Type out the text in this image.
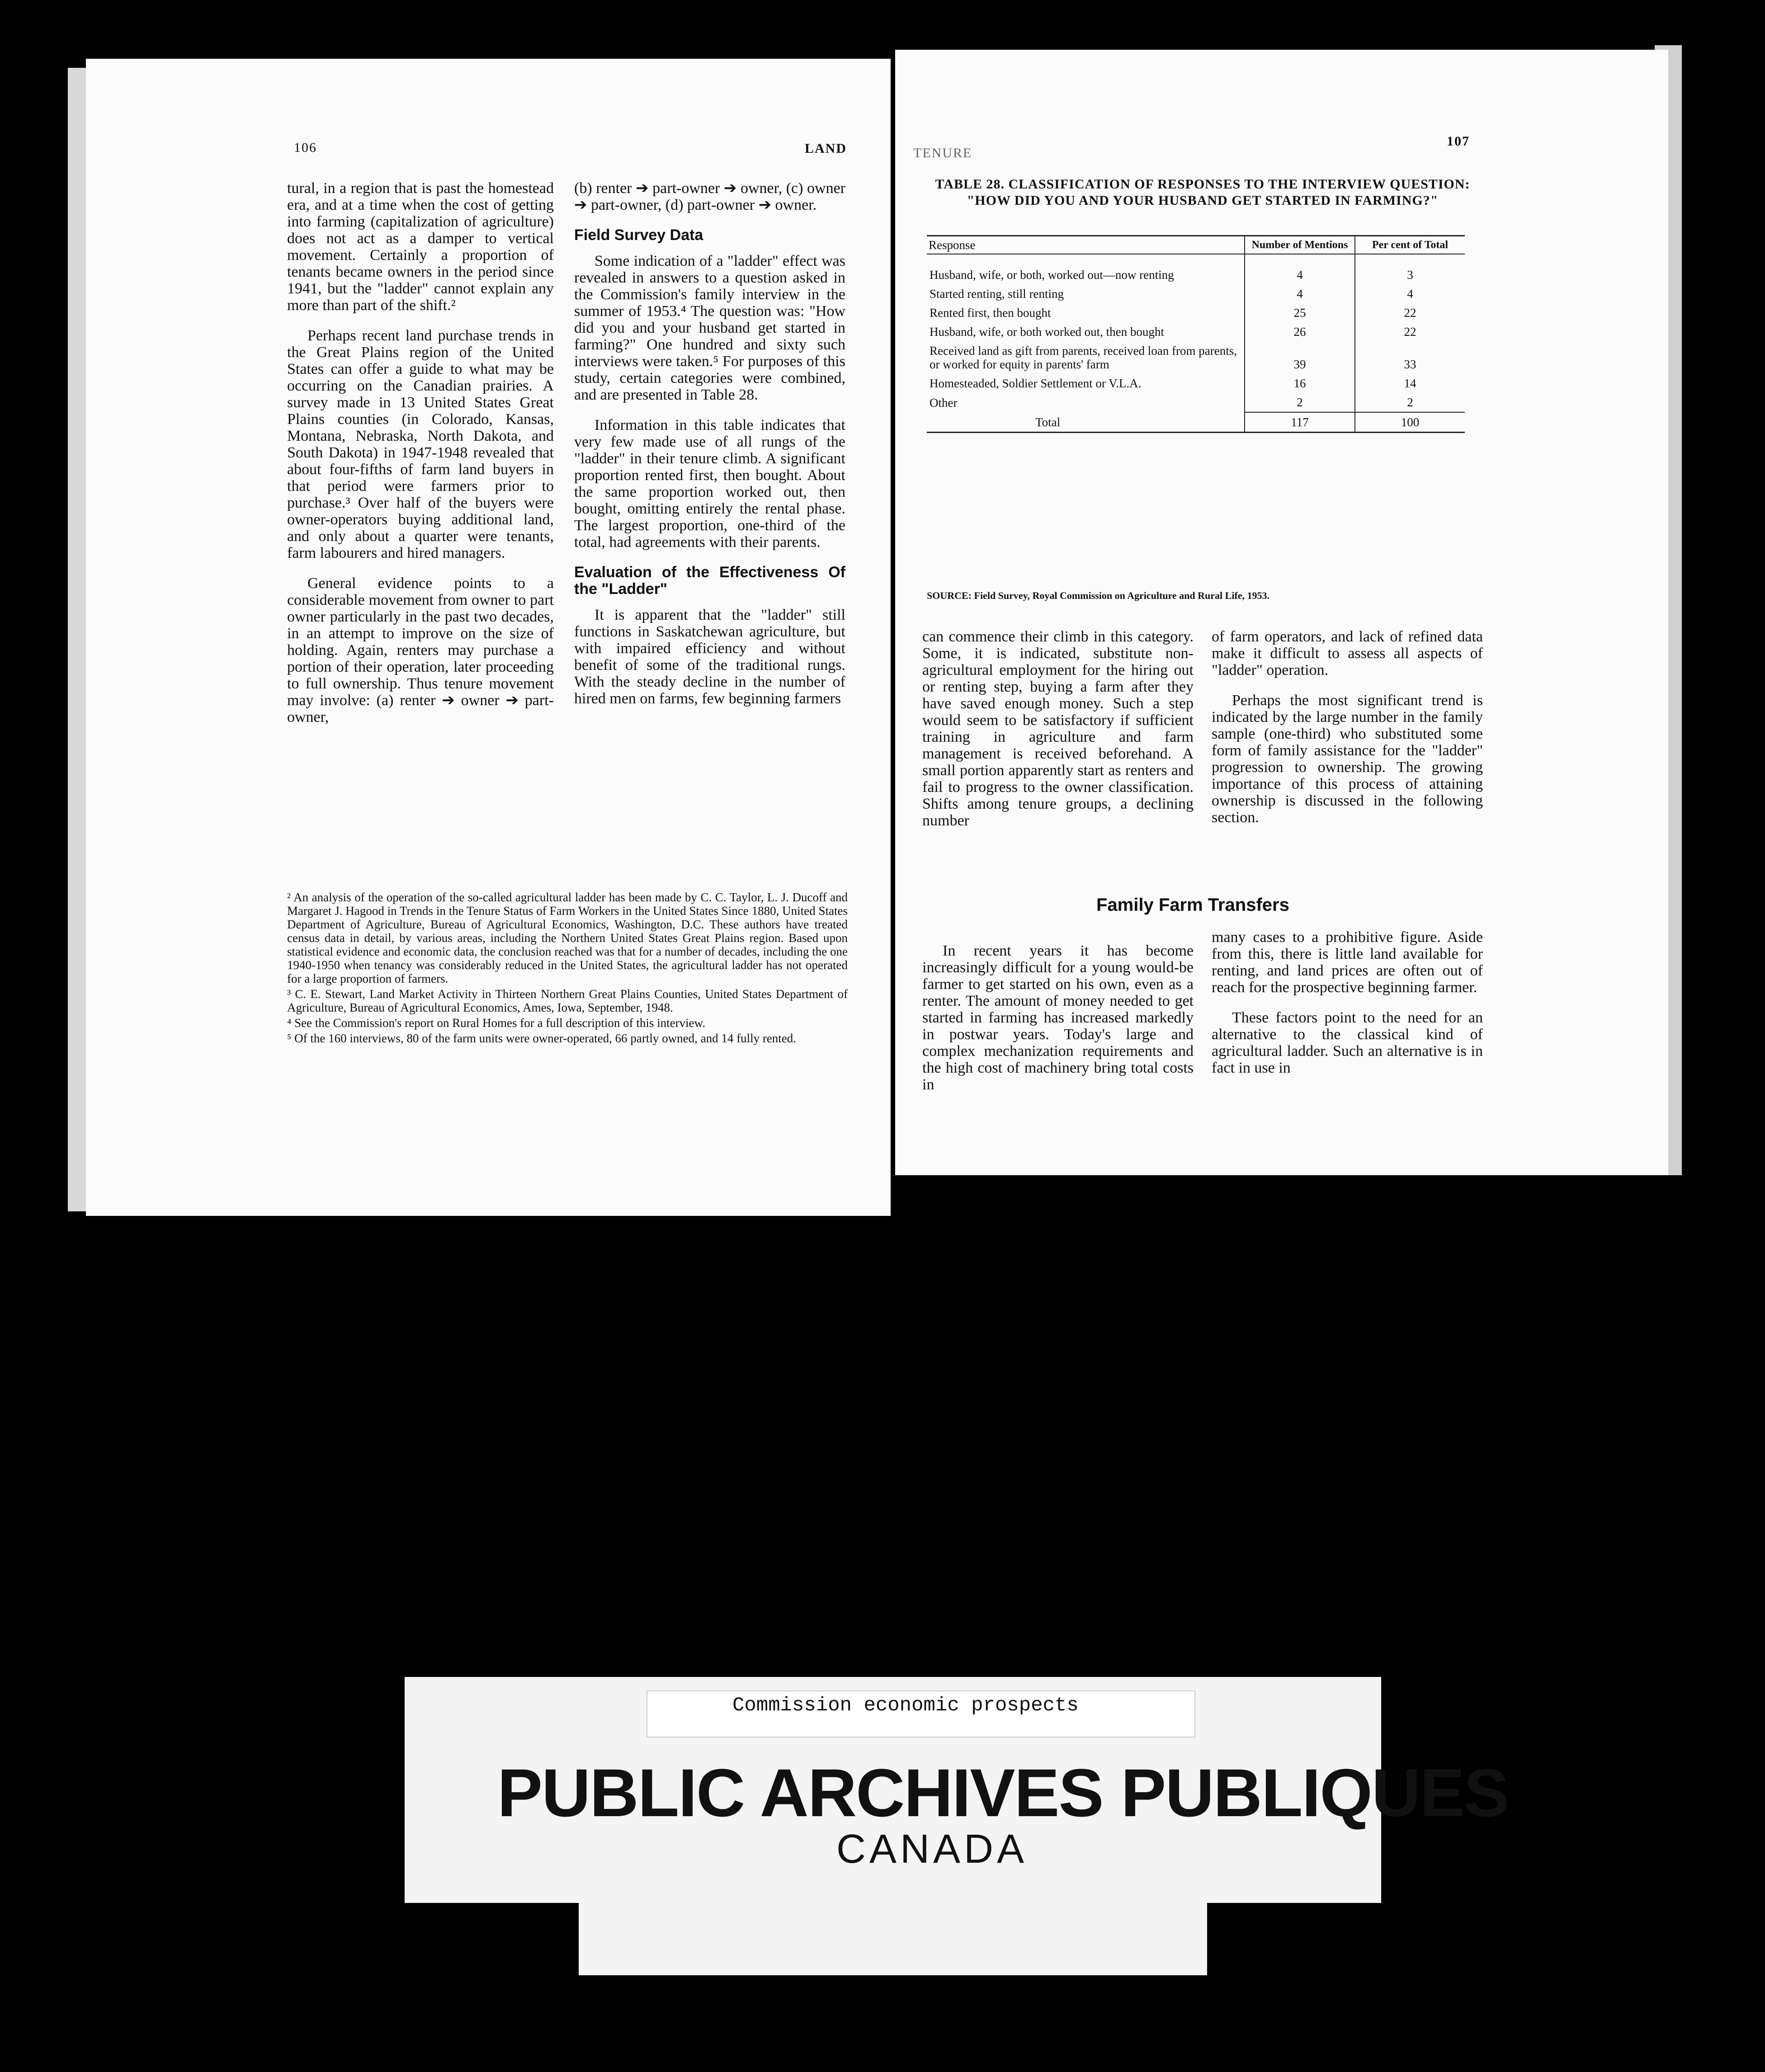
106	LAND

tural, in a region that is past the homestead era, and at a time when the cost of getting into farming (capitalization of agriculture) does not act as a damper to vertical movement. Certainly a proportion of tenants became owners in the period since 1941, but the "ladder" cannot explain any more than part of the shift.²

Perhaps recent land purchase trends in the Great Plains region of the United States can offer a guide to what may be occurring on the Canadian prairies. A survey made in 13 United States Great Plains counties (in Colorado, Kansas, Montana, Nebraska, North Dakota, and South Dakota) in 1947-1948 revealed that about four-fifths of farm land buyers in that period were farmers prior to purchase.³ Over half of the buyers were owner-operators buying additional land, and only about a quarter were tenants, farm labourers and hired managers.

General evidence points to a considerable movement from owner to part owner particularly in the past two decades, in an attempt to improve on the size of holding. Again, renters may purchase a portion of their operation, later proceeding to full ownership. Thus tenure movement may involve: (a) renter ➔ owner ➔ part-owner,

(b) renter ➔ part-owner ➔ owner, (c) owner ➔ part-owner, (d) part-owner ➔ owner.

Field Survey Data

Some indication of a "ladder" effect was revealed in answers to a question asked in the Commission's family interview in the summer of 1953.⁴ The question was: "How did you and your husband get started in farming?" One hundred and sixty such interviews were taken.⁵ For purposes of this study, certain categories were combined, and are presented in Table 28.

Information in this table indicates that very few made use of all rungs of the "ladder" in their tenure climb. A significant proportion rented first, then bought. About the same proportion worked out, then bought, omitting entirely the rental phase. The largest proportion, one-third of the total, had agreements with their parents.

Evaluation of the Effectiveness Of the "Ladder"

It is apparent that the "ladder" still functions in Saskatchewan agriculture, but with impaired efficiency and without benefit of some of the traditional rungs. With the steady decline in the number of hired men on farms, few beginning farmers

² An analysis of the operation of the so-called agricultural ladder has been made by C. C. Taylor, L. J. Ducoff and Margaret J. Hagood in Trends in the Tenure Status of Farm Workers in the United States Since 1880, United States Department of Agriculture, Bureau of Agricultural Economics, Washington, D.C. These authors have treated census data in detail, by various areas, including the Northern United States Great Plains region. Based upon statistical evidence and economic data, the conclusion reached was that for a number of decades, including the one 1940-1950 when tenancy was considerably reduced in the United States, the agricultural ladder has not operated for a large proportion of farmers.

³ C. E. Stewart, Land Market Activity in Thirteen Northern Great Plains Counties, United States Department of Agriculture, Bureau of Agricultural Economics, Ames, Iowa, September, 1948.

⁴ See the Commission's report on Rural Homes for a full description of this interview.

⁵ Of the 160 interviews, 80 of the farm units were owner-operated, 66 partly owned, and 14 fully rented.

TENURE
107
TABLE 28. CLASSIFICATION OF RESPONSES TO THE INTERVIEW QUESTION: "HOW DID YOU AND YOUR HUSBAND GET STARTED IN FARMING?"
Response	Number of Mentions	Per cent of Total
Husband, wife, or both, worked out—now renting	4	3
Started renting, still renting	4	4
Rented first, then bought	25	22
Husband, wife, or both worked out, then bought	26	22
Received land as gift from parents, received loan from parents, or worked for equity in parents' farm	39	33
Homesteaded, Soldier Settlement or V.L.A.	16	14
Other	2	2
Total	117	100
SOURCE: Field Survey, Royal Commission on Agriculture and Rural Life, 1953.

can commence their climb in this category. Some, it is indicated, substitute non-agricultural employment for the hiring out or renting step, buying a farm after they have saved enough money. Such a step would seem to be satisfactory if sufficient training in agriculture and farm management is received beforehand. A small portion apparently start as renters and fail to progress to the owner classification. Shifts among tenure groups, a declining number

of farm operators, and lack of refined data make it difficult to assess all aspects of "ladder" operation.

Perhaps the most significant trend is indicated by the large number in the family sample (one-third) who substituted some form of family assistance for the "ladder" progression to ownership. The growing importance of this process of attaining ownership is discussed in the following section.

Family Farm Transfers

In recent years it has become increasingly difficult for a young would-be farmer to get started on his own, even as a renter. The amount of money needed to get started in farming has increased markedly in postwar years. Today's large and complex mechanization requirements and the high cost of machinery bring total costs in

many cases to a prohibitive figure. Aside from this, there is little land available for renting, and land prices are often out of reach for the prospective beginning farmer.

These factors point to the need for an alternative to the classical kind of agricultural ladder. Such an alternative is in fact in use in

Commission economic prospects
PUBLIC ARCHIVES PUBLIQUES
CANADA
